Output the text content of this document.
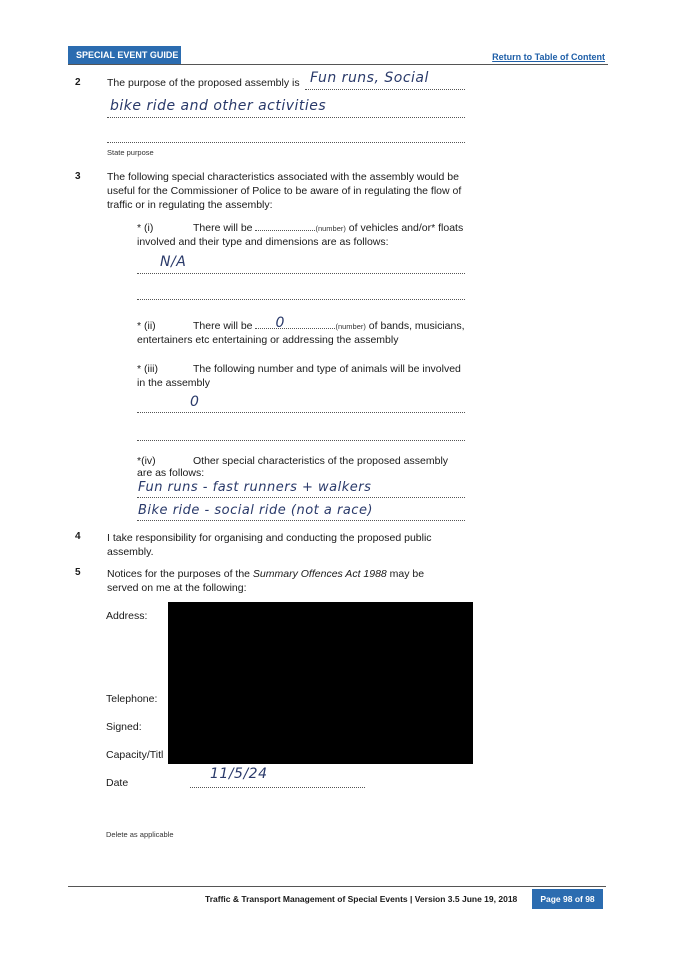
SPECIAL EVENT GUIDE	Return to Table of Content
2	The purpose of the proposed assembly is Fun runs, Social
bike ride and other activities
State purpose
3	The following special characteristics associated with the assembly would be useful for the Commissioner of Police to be aware of in regulating the flow of traffic or in regulating the assembly:
* (i)	There will be	(number) of vehicles and/or* floats
involved and their type and dimensions are as follows:
N/A
* (ii)	There will be 0	(number) of bands, musicians,
entertainers etc entertaining or addressing the assembly
* (iii)	The following number and type of animals will be involved
in the assembly
0
*(iv)	Other special characteristics of the proposed assembly
are as follows:
Fun runs - fast runners + walkers
Bike ride - social ride (not a race)
4	I take responsibility for organising and conducting the proposed public assembly.
5	Notices for the purposes of the Summary Offences Act 1988 may be
served on me at the following:
Address:
Telephone:
Signed:
Capacity/Titl
Date
11/5/24
Delete as applicable
Traffic & Transport Management of Special Events | Version 3.5 June 19, 2018	Page 98 of 98
